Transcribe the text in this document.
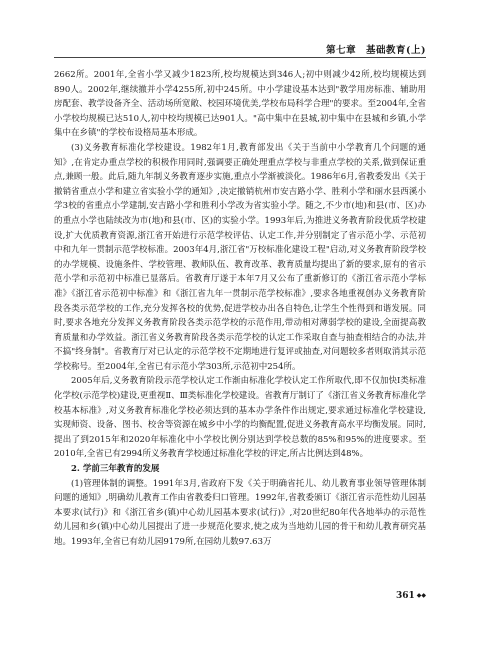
第七章 基础教育(上)

2662所。2001年,全省小学又减少1823所,校均规模达到346人;初中则减少42所,校均规模达到890人。2002年,继续撤并小学4255所,初中245所。中小学建设基本达到"教学用房标准、辅助用房配套、教学设备齐全、活动场所宽敞、校园环境优美,学校布局科学合理"的要求。至2004年,全省小学校均规模已达510人,初中校均规模已达901人。"高中集中在县城,初中集中在县城和乡镇,小学集中在乡镇"的学校布设格局基本形成。

(3)义务教育标准化学校建设。1982年1月,教育部发出《关于当前中小学教育几个问题的通知》,在肯定办重点学校的积极作用同时,强调要正确处理重点学校与非重点学校的关系,做到保证重点,兼顾一般。此后,随九年制义务教育逐步实施,重点小学渐被淡化。1986年6月,省教委发出《关于撤销省重点小学和建立省实验小学的通知》,决定撤销杭州市安吉路小学、胜利小学和丽水县西溪小学3校的省重点小学建制,安吉路小学和胜利小学改为省实验小学。随之,不少市(地)和县(市、区)办的重点小学也陆续改为市(地)和县(市、区)的实验小学。1993年后,为推进义务教育阶段优质学校建设,扩大优质教育资源,浙江省开始进行示范学校评估、认定工作,并分别制定了省示范小学、示范初中和九年一贯制示范学校标准。2003年4月,浙江省"万校标准化建设工程"启动,对义务教育阶段学校的办学规模、设施条件、学校管理、教师队伍、教育改革、教育质量均提出了新的要求,原有的省示范小学和示范初中标准已显落后。省教育厅遂于本年7月又公布了重新修订的《浙江省示范小学标准》《浙江省示范初中标准》和《浙江省九年一贯制示范学校标准》,要求各地重视创办义务教育阶段各类示范学校的工作,充分发挥各校的优势,促进学校办出各自特色,让学生个性得到和谐发展。同时,要求各地充分发挥义务教育阶段各类示范学校的示范作用,带动相对薄弱学校的建设,全面提高教育质量和办学效益。浙江省义务教育阶段各类示范学校的认定工作采取自查与抽查相结合的办法,并不搞"终身制"。省教育厅对已认定的示范学校不定期地进行复评或抽查,对问题较多者则取消其示范学校称号。至2004年,全省已有示范小学303所,示范初中254所。

2005年后,义务教育阶段示范学校认定工作渐由标准化学校认定工作所取代,即不仅加快Ⅰ类标准化学校(示范学校)建设,更重视Ⅱ、Ⅲ类标准化学校建设。省教育厅制订了《浙江省义务教育标准化学校基本标准》,对义务教育标准化学校必须达到的基本办学条件作出规定,要求通过标准化学校建设,实现师资、设备、图书、校舍等资源在城乡中小学的均衡配置,促进义务教育高水平均衡发展。同时,提出了到2015年和2020年标准化中小学校比例分别达到学校总数的85%和95%的进度要求。至2010年,全省已有2994所义务教育学校通过标准化学校的评定,所占比例达到48%。

2. 学前三年教育的发展

(1)管理体制的调整。1991年3月,省政府下发《关于明确省托儿、幼儿教育事业领导管理体制问题的通知》,明确幼儿教育工作由省教委归口管理。1992年,省教委颁订《浙江省示范性幼儿园基本要求(试行)》和《浙江省乡(镇)中心幼儿园基本要求(试行)》,对20世纪80年代各地举办的示范性幼儿园和乡(镇)中心幼儿园提出了进一步规范化要求,使之成为当地幼儿园的骨干和幼儿教育研究基地。1993年,全省已有幼儿园9179所,在园幼儿数97.63万

361 ◆◆
